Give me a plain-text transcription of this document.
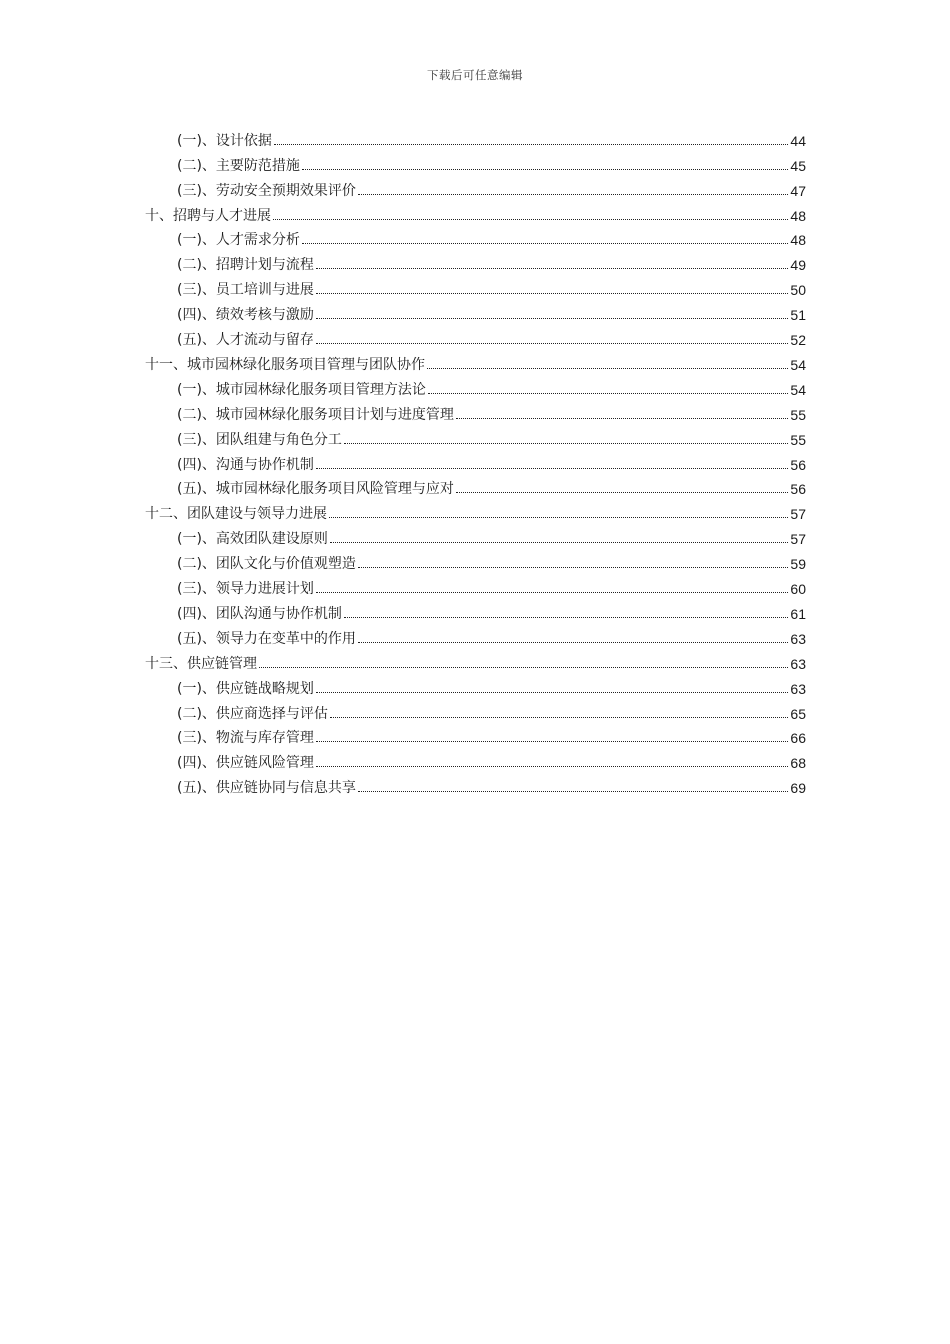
下载后可任意编辑
(一)、设计依据	44
(二)、主要防范措施	45
(三)、劳动安全预期效果评价	47
十、招聘与人才进展	48
(一)、人才需求分析	48
(二)、招聘计划与流程	49
(三)、员工培训与进展	50
(四)、绩效考核与激励	51
(五)、人才流动与留存	52
十一、城市园林绿化服务项目管理与团队协作	54
(一)、城市园林绿化服务项目管理方法论	54
(二)、城市园林绿化服务项目计划与进度管理	55
(三)、团队组建与角色分工	55
(四)、沟通与协作机制	56
(五)、城市园林绿化服务项目风险管理与应对	56
十二、团队建设与领导力进展	57
(一)、高效团队建设原则	57
(二)、团队文化与价值观塑造	59
(三)、领导力进展计划	60
(四)、团队沟通与协作机制	61
(五)、领导力在变革中的作用	63
十三、供应链管理	63
(一)、供应链战略规划	63
(二)、供应商选择与评估	65
(三)、物流与库存管理	66
(四)、供应链风险管理	68
(五)、供应链协同与信息共享	69
